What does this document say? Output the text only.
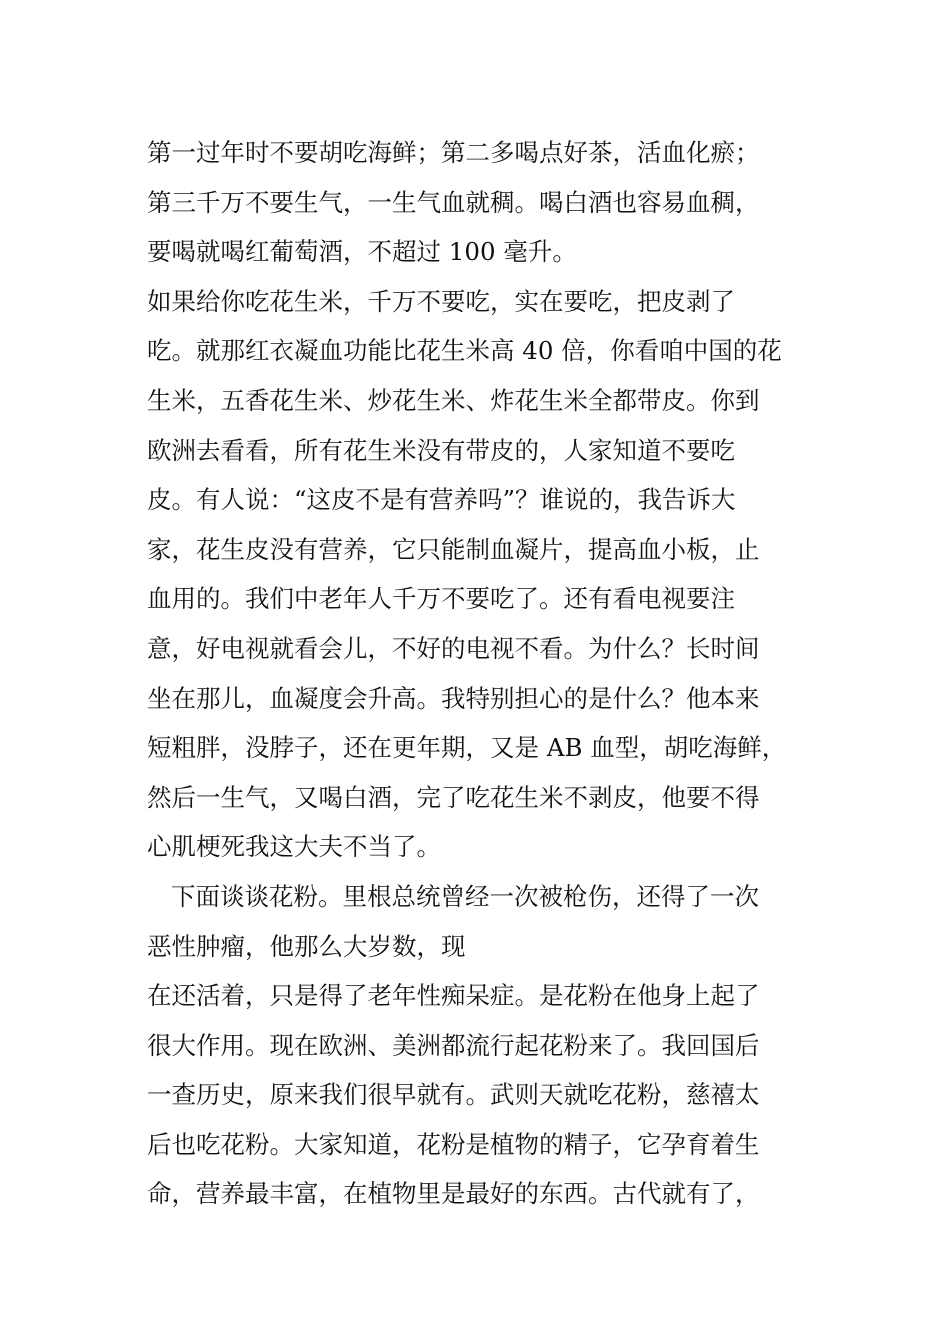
第一过年时不要胡吃海鲜；第二多喝点好茶，活血化瘀；
第三千万不要生气，一生气血就稠。喝白酒也容易血稠，
要喝就喝红葡萄酒，不超过 100 毫升。
如果给你吃花生米，千万不要吃，实在要吃，把皮剥了
吃。就那红衣凝血功能比花生米高 40 倍，你看咱中国的花
生米，五香花生米、炒花生米、炸花生米全都带皮。你到
欧洲去看看，所有花生米没有带皮的，人家知道不要吃
皮。有人说：“这皮不是有营养吗”？谁说的，我告诉大
家，花生皮没有营养，它只能制血凝片，提高血小板，止
血用的。我们中老年人千万不要吃了。还有看电视要注
意，好电视就看会儿，不好的电视不看。为什么？长时间
坐在那儿，血凝度会升高。我特别担心的是什么？他本来
短粗胖，没脖子，还在更年期，又是 AB 血型，胡吃海鲜，
然后一生气，又喝白酒，完了吃花生米不剥皮，他要不得
心肌梗死我这大夫不当了。
下面谈谈花粉。里根总统曾经一次被枪伤，还得了一次
恶性肿瘤，他那么大岁数，现
在还活着，只是得了老年性痴呆症。是花粉在他身上起了
很大作用。现在欧洲、美洲都流行起花粉来了。我回国后
一查历史，原来我们很早就有。武则天就吃花粉，慈禧太
后也吃花粉。大家知道，花粉是植物的精子，它孕育着生
命，营养最丰富，在植物里是最好的东西。古代就有了，
